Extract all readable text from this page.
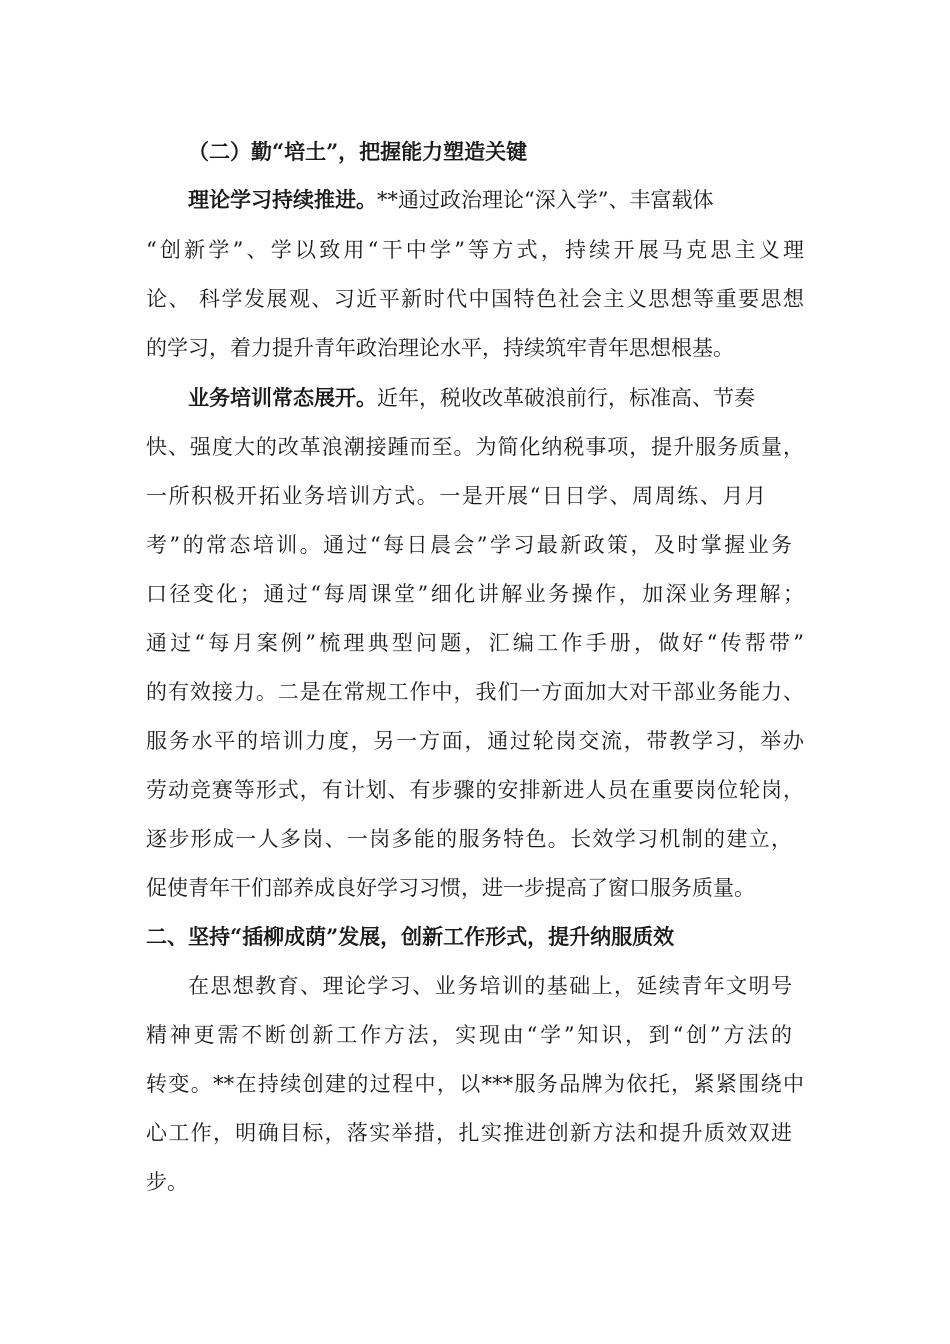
（二）勤“培土”，把握能力塑造关键
理论学习持续推进。**通过政治理论“深入学”、丰富载体
“创新学”、学以致用“干中学”等方式，持续开展马克思主义理
论、 科学发展观、习近平新时代中国特色社会主义思想等重要思想
的学习，着力提升青年政治理论水平，持续筑牢青年思想根基。
业务培训常态展开。近年，税收改革破浪前行，标准高、节奏
快、强度大的改革浪潮接踵而至。为简化纳税事项，提升服务质量，
一所积极开拓业务培训方式。一是开展“日日学、周周练、月月
考”的常态培训。通过“每日晨会”学习最新政策，及时掌握业务
口径变化；通过“每周课堂”细化讲解业务操作，加深业务理解；
通过“每月案例”梳理典型问题，汇编工作手册，做好“传帮带”
的有效接力。二是在常规工作中，我们一方面加大对干部业务能力、
服务水平的培训力度，另一方面，通过轮岗交流，带教学习，举办
劳动竞赛等形式，有计划、有步骤的安排新进人员在重要岗位轮岗，
逐步形成一人多岗、一岗多能的服务特色。长效学习机制的建立，
促使青年干们部养成良好学习习惯，进一步提高了窗口服务质量。
二、坚持“插柳成荫”发展，创新工作形式，提升纳服质效
在思想教育、理论学习、业务培训的基础上，延续青年文明号
精神更需不断创新工作方法，实现由“学”知识，到“创”方法的
转变。**在持续创建的过程中，以***服务品牌为依托，紧紧围绕中
心工作，明确目标，落实举措，扎实推进创新方法和提升质效双进
步。
